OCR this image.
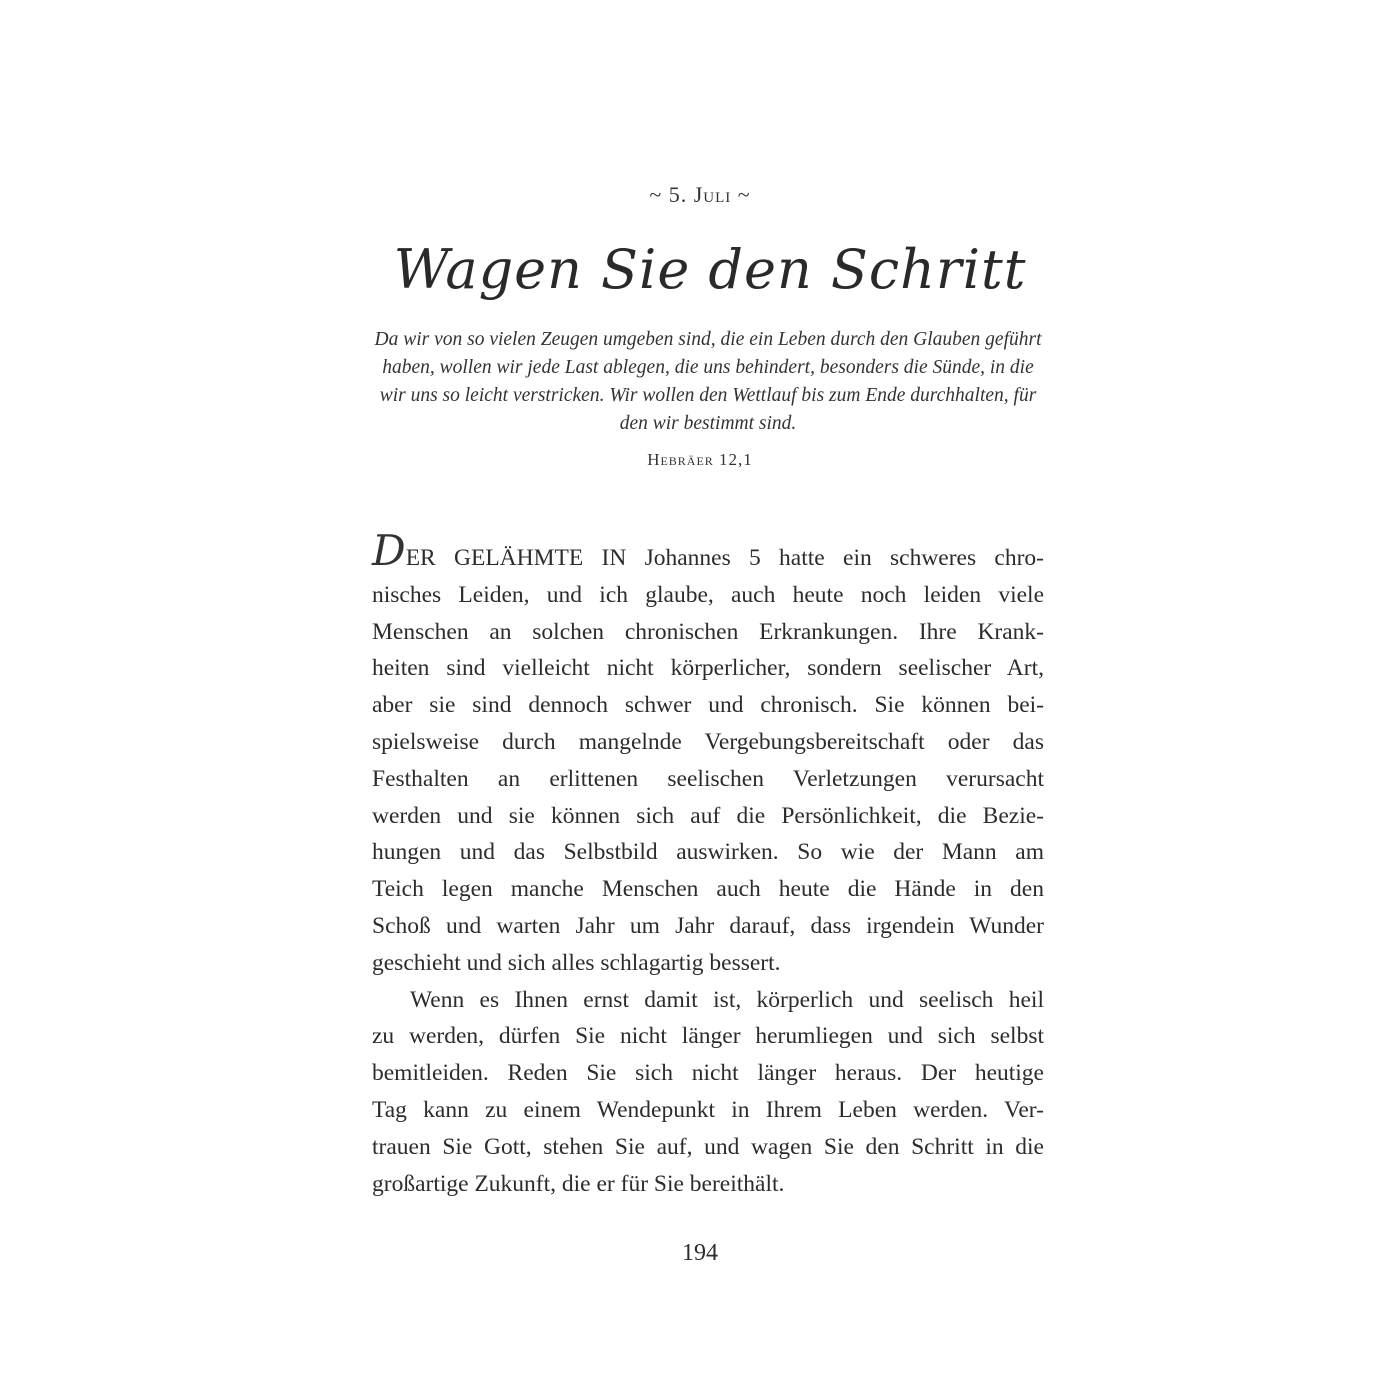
~ 5. Juli ~
Wagen Sie den Schritt
Da wir von so vielen Zeugen umgeben sind, die ein Leben durch den Glauben geführt haben, wollen wir jede Last ablegen, die uns behindert, besonders die Sünde, in die wir uns so leicht verstricken. Wir wollen den Wettlauf bis zum Ende durchhalten, für den wir bestimmt sind.
Hebräer 12,1

DER GELÄHMTE IN Johannes 5 hatte ein schweres chro-
nisches Leiden, und ich glaube, auch heute noch leiden viele
Menschen an solchen chronischen Erkrankungen. Ihre Krank-
heiten sind vielleicht nicht körperlicher, sondern seelischer Art,
aber sie sind dennoch schwer und chronisch. Sie können bei-
spielsweise durch mangelnde Vergebungsbereitschaft oder das
Festhalten an erlittenen seelischen Verletzungen verursacht
werden und sie können sich auf die Persönlichkeit, die Bezie-
hungen und das Selbstbild auswirken. So wie der Mann am
Teich legen manche Menschen auch heute die Hände in den
Schoß und warten Jahr um Jahr darauf, dass irgendein Wunder
geschieht und sich alles schlagartig bessert.

Wenn es Ihnen ernst damit ist, körperlich und seelisch heil
zu werden, dürfen Sie nicht länger herumliegen und sich selbst
bemitleiden. Reden Sie sich nicht länger heraus. Der heutige
Tag kann zu einem Wendepunkt in Ihrem Leben werden. Ver-
trauen Sie Gott, stehen Sie auf, und wagen Sie den Schritt in die
großartige Zukunft, die er für Sie bereithält.

194
